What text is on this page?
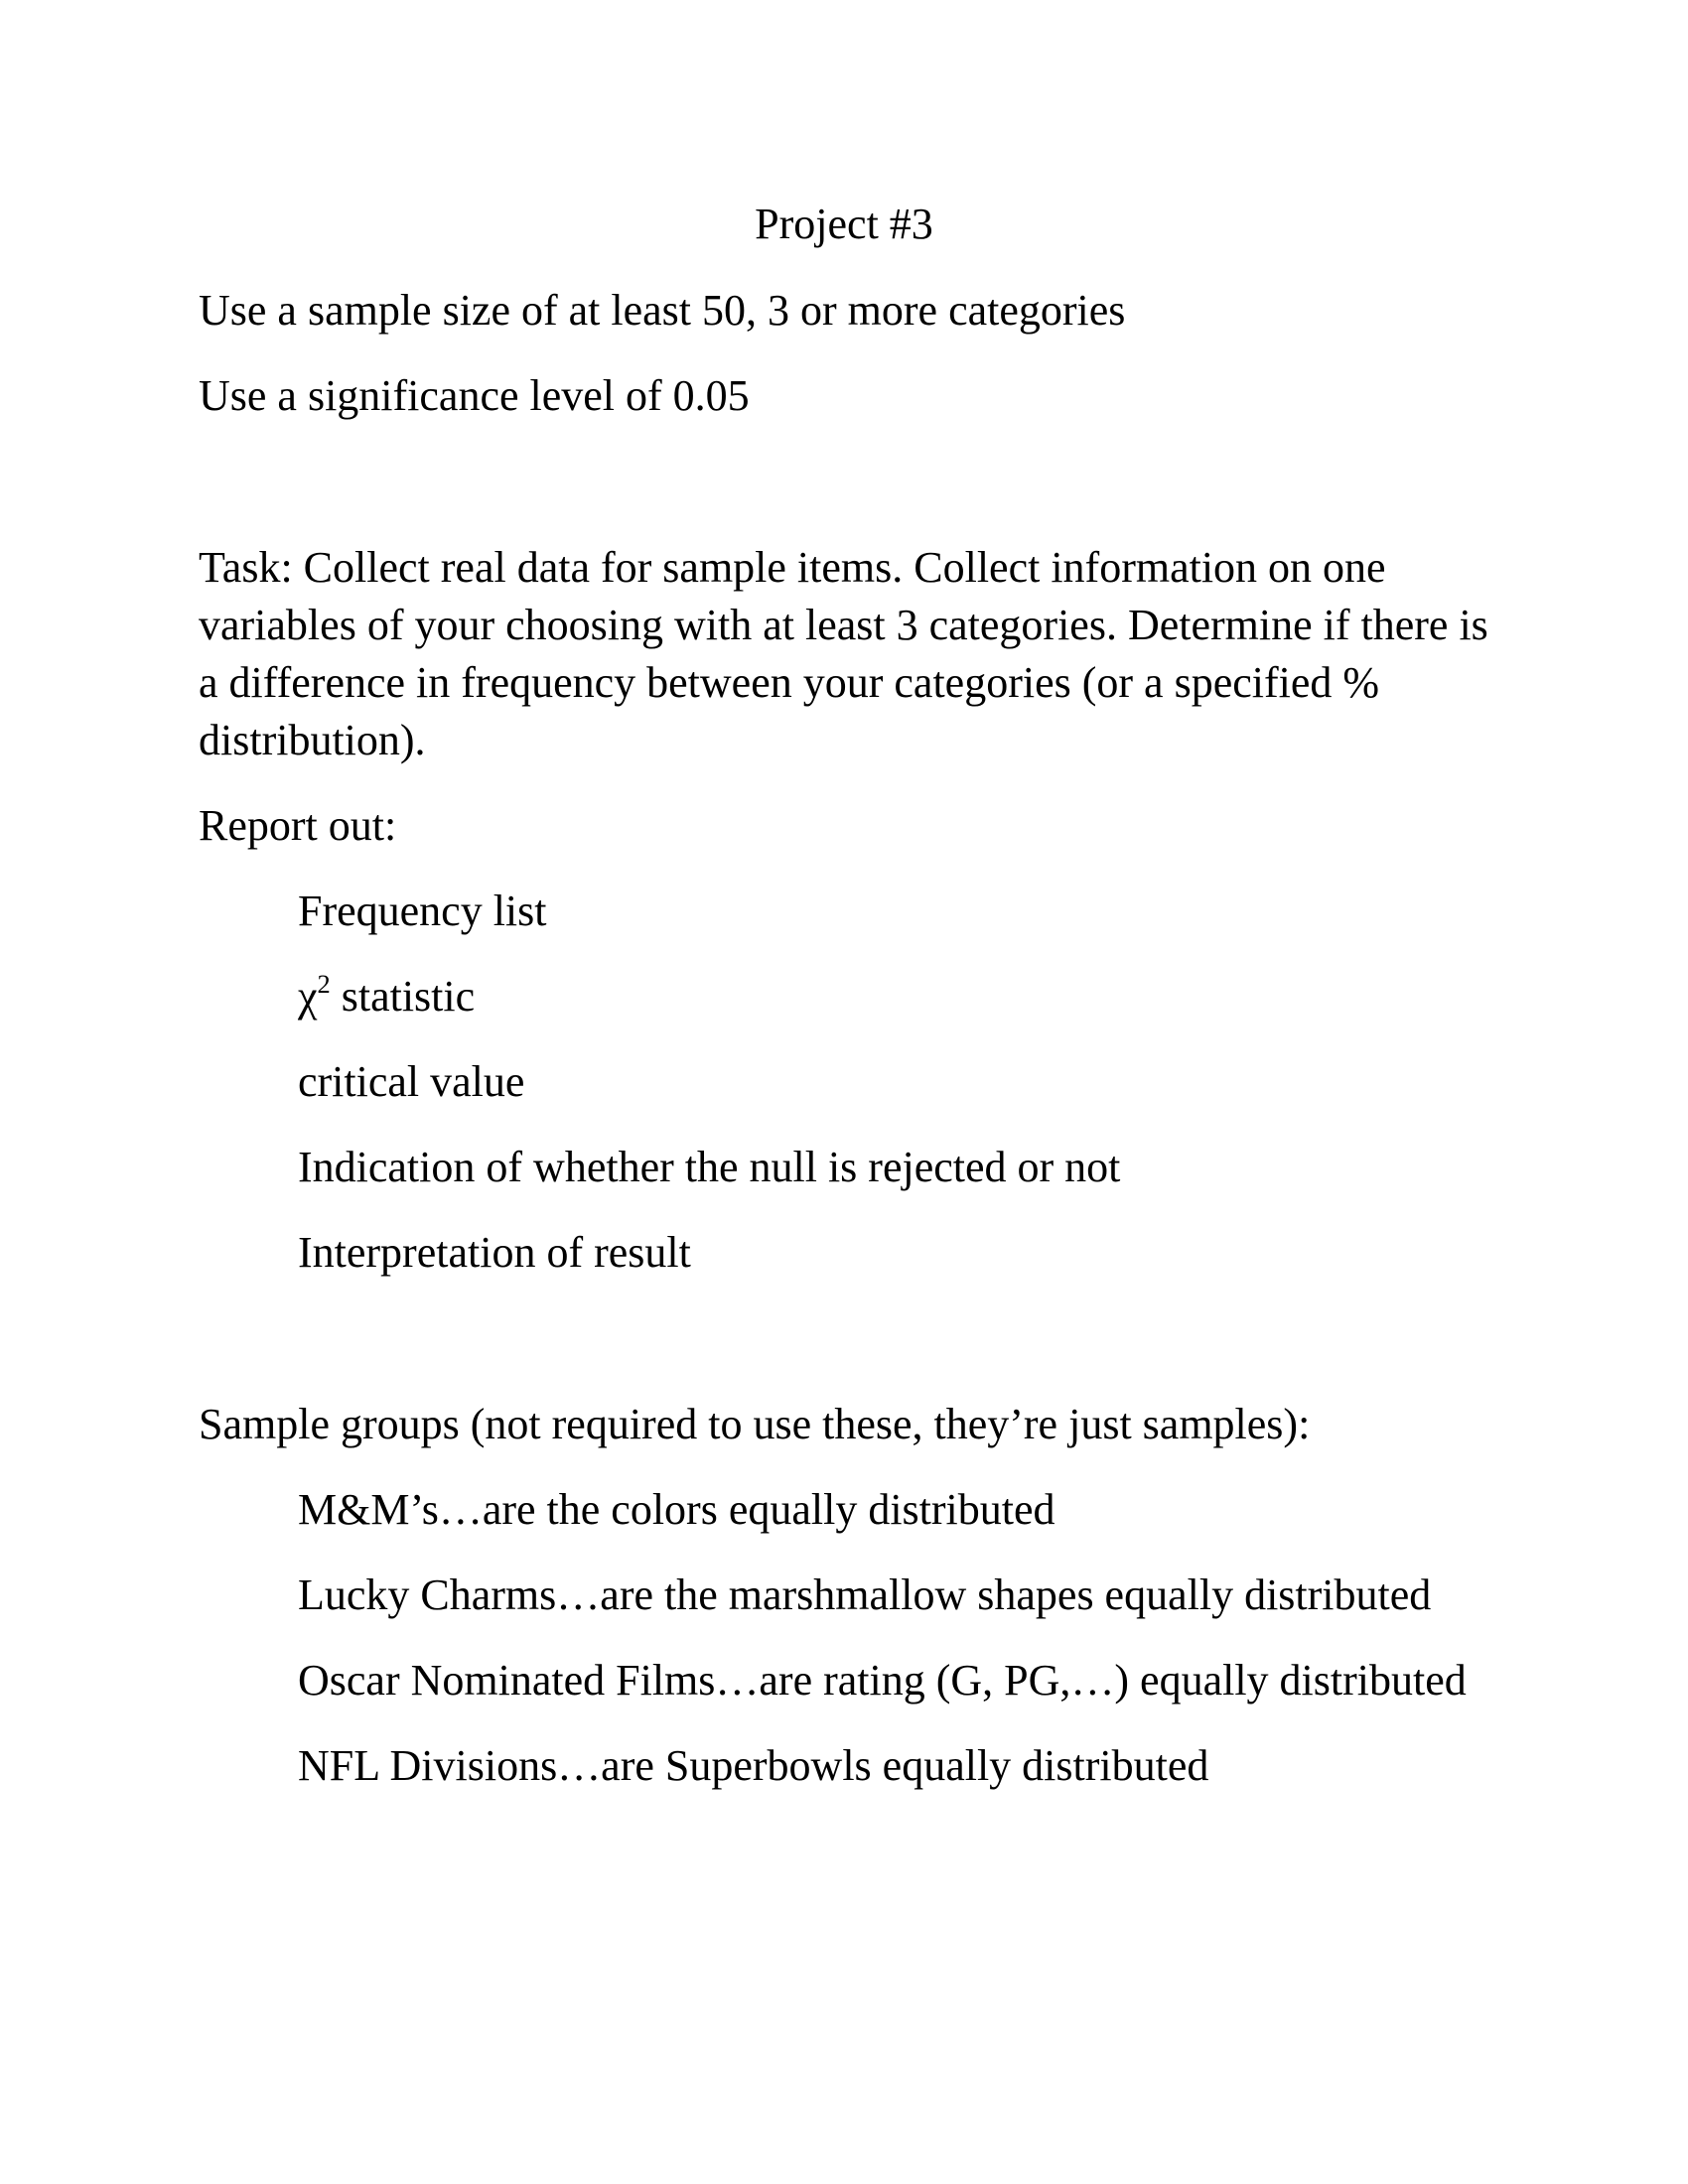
Project #3
Use a sample size of at least 50, 3 or more categories
Use a significance level of 0.05

Task: Collect real data for sample items. Collect information on one variables of your choosing with at least 3 categories. Determine if there is a difference in frequency between your categories (or a specified % distribution).

Report out:
Frequency list
$\chi^2$ statistic
critical value
Indication of whether the null is rejected or not
Interpretation of result
Sample groups (not required to use these, they’re just samples):
M&M’s…are the colors equally distributed
Lucky Charms…are the marshmallow shapes equally distributed
Oscar Nominated Films…are rating (G, PG,…) equally distributed
NFL Divisions…are Superbowls equally distributed
